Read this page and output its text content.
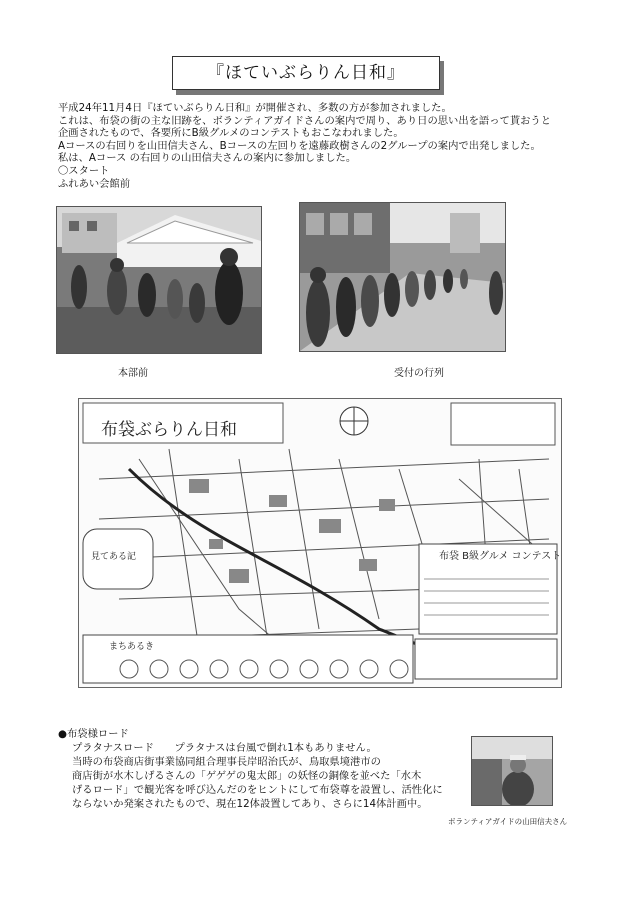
『ほていぶらりん日和』
平成24年11月4日『ほていぶらりん日和』が開催され、多数の方が参加されました。
これは、布袋の街の主な旧跡を、ボランティアガイドさんの案内で周り、あり日の思い出を語って貰おうと
企画されたもので、各要所にB級グルメのコンテストもおこなわれました。
Aコースの右回りを山田信夫さん、Bコースの左回りを遠藤政樹さんの2グループの案内で出発しました。
私は、Aコース の右回りの山田信夫さんの案内に参加しました。
〇スタート
ふれあい会館前
本部前	受付の行列
布袋ぶらりん日和
見てある記	布袋 B級グルメ コンテスト
まちあるき
●布袋様ロード
プラタナスロード　　プラタナスは台風で倒れ1本もありません。
当時の布袋商店街事業協同組合理事長岸昭治氏が、鳥取県境港市の
商店街が水木しげるさんの「ゲゲゲの鬼太郎」の妖怪の銅像を並べた「水木
げるロード」で観光客を呼び込んだのをヒントにして布袋尊を設置し、活性化に
ならないか発案されたもので、現在12体設置してあり、さらに14体計画中。
ボランティアガイドの山田信夫さん
